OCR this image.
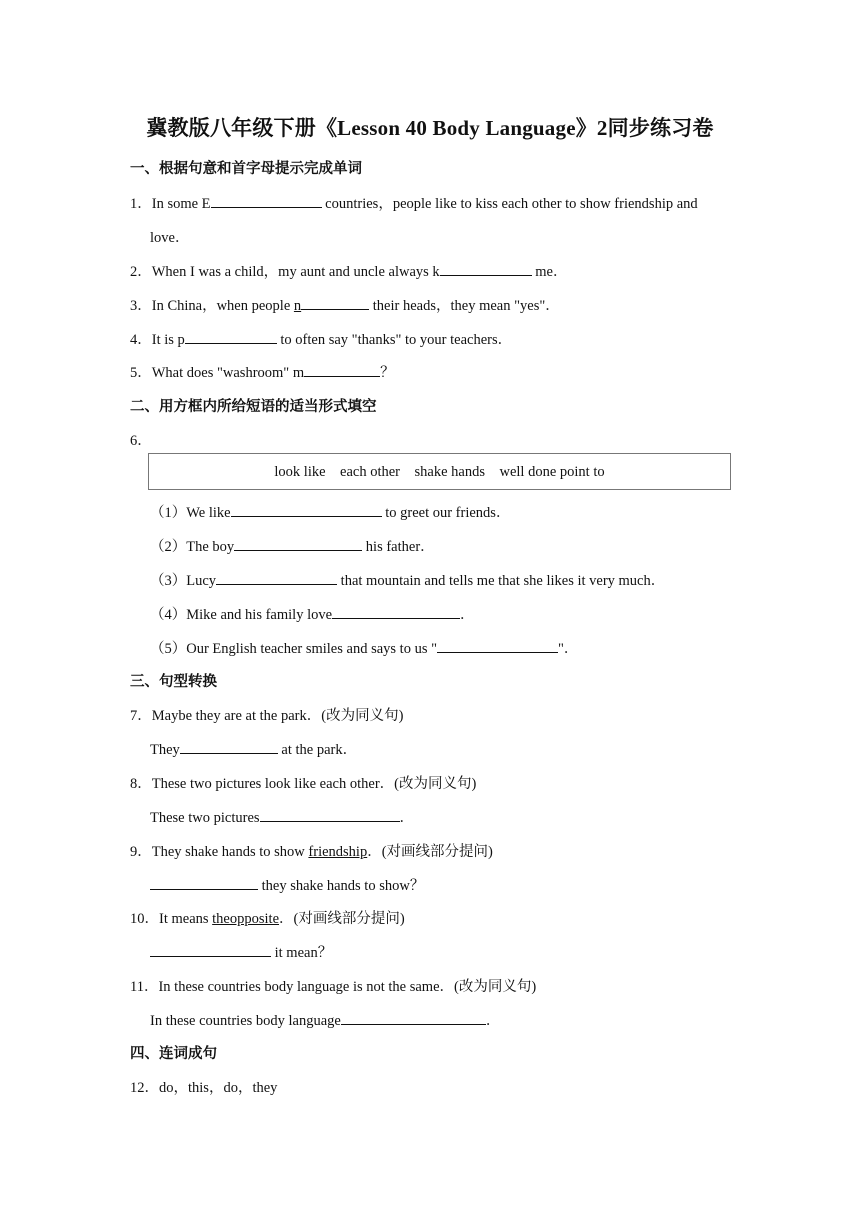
冀教版八年级下册《Lesson 40 Body Language》2同步练习卷
一、根据句意和首字母提示完成单词
1．In some E	countries，people like to kiss each other to show friendship and
love．
2．When I was a child，my aunt and uncle always k	me．
3．In China，when people n	their heads，they mean "yes"．
4．It is p	to often say "thanks" to your teachers．
5．What does "washroom" m	？
二、用方框内所给短语的适当形式填空
6．
look like    each other    shake hands    well done point to
（1）We like	to greet our friends．
（2）The boy	his father．
（3）Lucy	that mountain and tells me that she likes it very much．
（4）Mike and his family love	．
（5）Our English teacher smiles and says to us "	"．
三、句型转换
7．Maybe they are at the park．(改为同义句)
They	at the park．
8．These two pictures look like each other．(改为同义句)
These two pictures	．
9．They shake hands to show friendship．(对画线部分提问)
they shake hands to show？
10．It means theopposite．(对画线部分提问)
it mean？
11．In these countries body language is not the same．(改为同义句)
In these countries body language	．
四、连词成句
12．do，this，do，they
